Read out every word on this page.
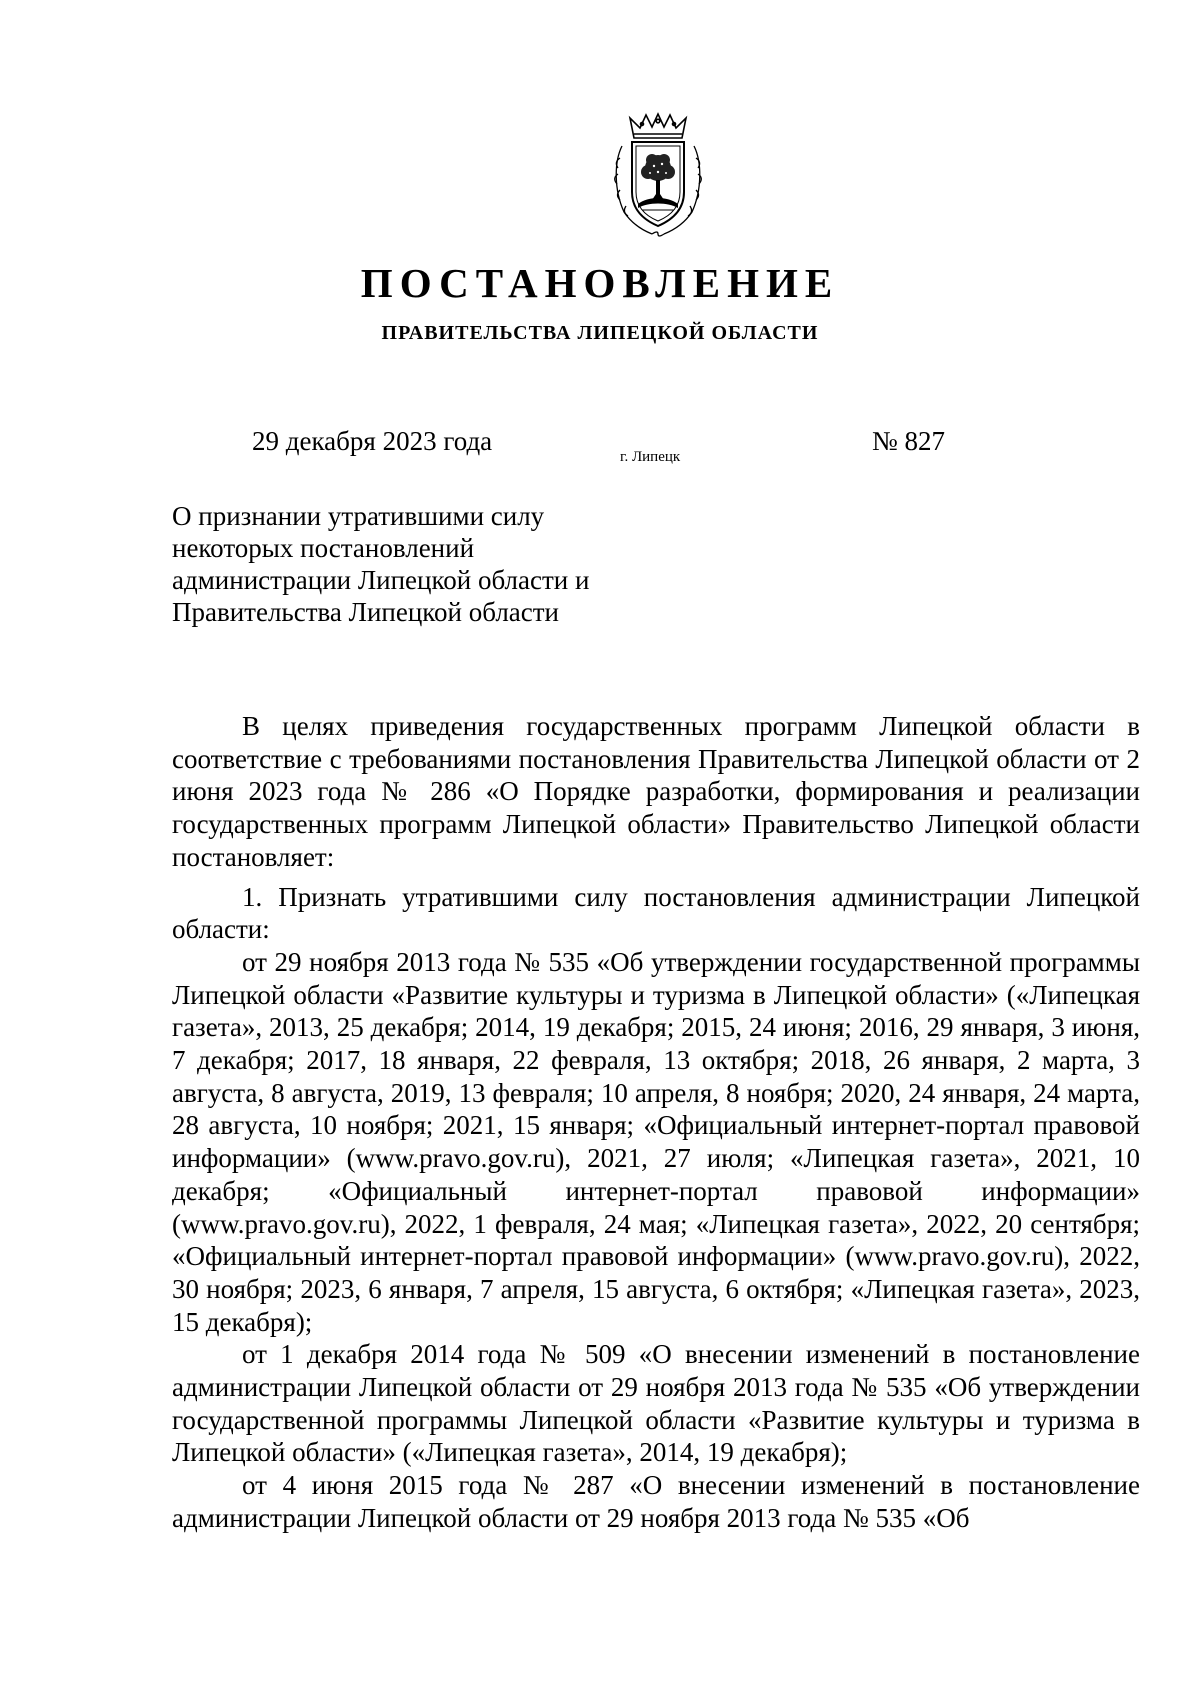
ПОСТАНОВЛЕНИЕ
ПРАВИТЕЛЬСТВА ЛИПЕЦКОЙ ОБЛАСТИ
29 декабря 2023 года
г. Липецк
№ 827
О признании утратившими силу
некоторых постановлений
администрации Липецкой области и
Правительства Липецкой области

В целях приведения государственных программ Липецкой области в соответствие с требованиями постановления Правительства Липецкой области от 2 июня 2023 года № 286 «О Порядке разработки, формирования и реализации государственных программ Липецкой области» Правительство Липецкой области постановляет:

1. Признать утратившими силу постановления администрации Липецкой области:

от 29 ноября 2013 года № 535 «Об утверждении государственной программы Липецкой области «Развитие культуры и туризма в Липецкой области» («Липецкая газета», 2013, 25 декабря; 2014, 19 декабря; 2015, 24 июня; 2016, 29 января, 3 июня, 7 декабря; 2017, 18 января, 22 февраля, 13 октября; 2018, 26 января, 2 марта, 3 августа, 8 августа, 2019, 13 февраля; 10 апреля, 8 ноября; 2020, 24 января, 24 марта, 28 августа, 10 ноября; 2021, 15 января; «Официальный интернет-портал правовой информации» (www.pravo.gov.ru), 2021, 27 июля; «Липецкая газета», 2021, 10 декабря; «Официальный интернет-портал правовой информации» (www.pravo.gov.ru), 2022, 1 февраля, 24 мая; «Липецкая газета», 2022, 20 сентября; «Официальный интернет-портал правовой информации» (www.pravo.gov.ru), 2022, 30 ноября; 2023, 6 января, 7 апреля, 15 августа, 6 октября; «Липецкая газета», 2023, 15 декабря);

от 1 декабря 2014 года № 509 «О внесении изменений в постановление администрации Липецкой области от 29 ноября 2013 года № 535 «Об утверждении государственной программы Липецкой области «Развитие культуры и туризма в Липецкой области» («Липецкая газета», 2014, 19 декабря);

от 4 июня 2015 года № 287 «О внесении изменений в постановление администрации Липецкой области от 29 ноября 2013 года № 535 «Об
